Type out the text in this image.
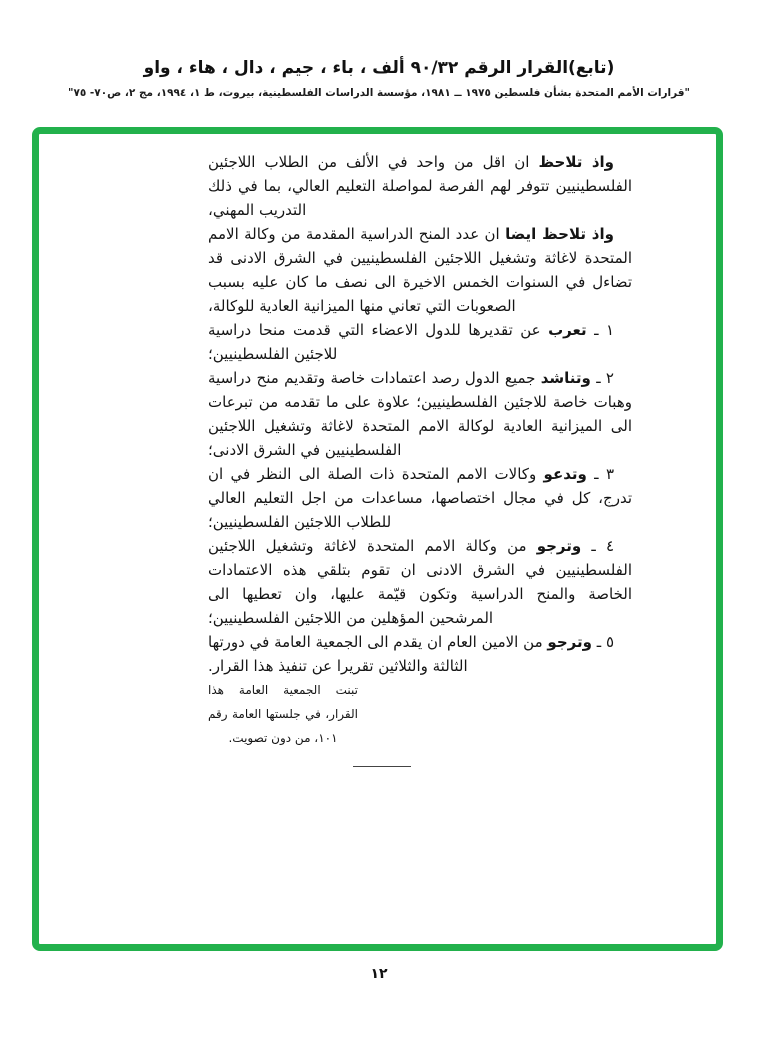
(تابع)القرار الرقم ٩٠/٣٢ ألف ، باء ، جيم ، دال ، هاء ، واو

"قرارات الأمم المتحدة بشأن فلسطين ١٩٧٥ ــ ١٩٨١، مؤسسة الدراسات الفلسطينية، بيروت، ط ١، ١٩٩٤، مج ٢، ص٧٠- ٧٥"

واذ تلاحظ ان اقل من واحد في الألف من الطلاب اللاجئين الفلسطينيين تتوفر لهم الفرصة لمواصلة التعليم العالي، بما في ذلك التدريب المهني،

واذ تلاحظ ايضا ان عدد المنح الدراسية المقدمة من وكالة الامم المتحدة لاغاثة وتشغيل اللاجئين الفلسطينيين في الشرق الادنى قد تضاءل في السنوات الخمس الاخيرة الى نصف ما كان عليه بسبب الصعوبات التي تعاني منها الميزانية العادية للوكالة،

١ ـ تعرب عن تقديرها للدول الاعضاء التي قدمت منحا دراسية للاجئين الفلسطينيين؛

٢ ـ وتناشد جميع الدول رصد اعتمادات خاصة وتقديم منح دراسية وهبات خاصة للاجئين الفلسطينيين؛ علاوة على ما تقدمه من تبرعات الى الميزانية العادية لوكالة الامم المتحدة لاغاثة وتشغيل اللاجئين الفلسطينيين في الشرق الادنى؛

٣ ـ وتدعو وكالات الامم المتحدة ذات الصلة الى النظر في ان تدرج، كل في مجال اختصاصها، مساعدات من اجل التعليم العالي للطلاب اللاجئين الفلسطينيين؛

٤ ـ وترجو من وكالة الامم المتحدة لاغاثة وتشغيل اللاجئين الفلسطينيين في الشرق الادنى ان تقوم بتلقي هذه الاعتمادات الخاصة والمنح الدراسية وتكون قيّمة عليها، وان تعطيها الى المرشحين المؤهلين من اللاجئين الفلسطينيين؛

٥ ـ وترجو من الامين العام ان يقدم الى الجمعية العامة في دورتها الثالثة والثلاثين تقريرا عن تنفيذ هذا القرار.

تبنت الجمعية العامة هذا القرار، في جلستها العامة رقم ١٠١، من دون تصويت.

١٢
